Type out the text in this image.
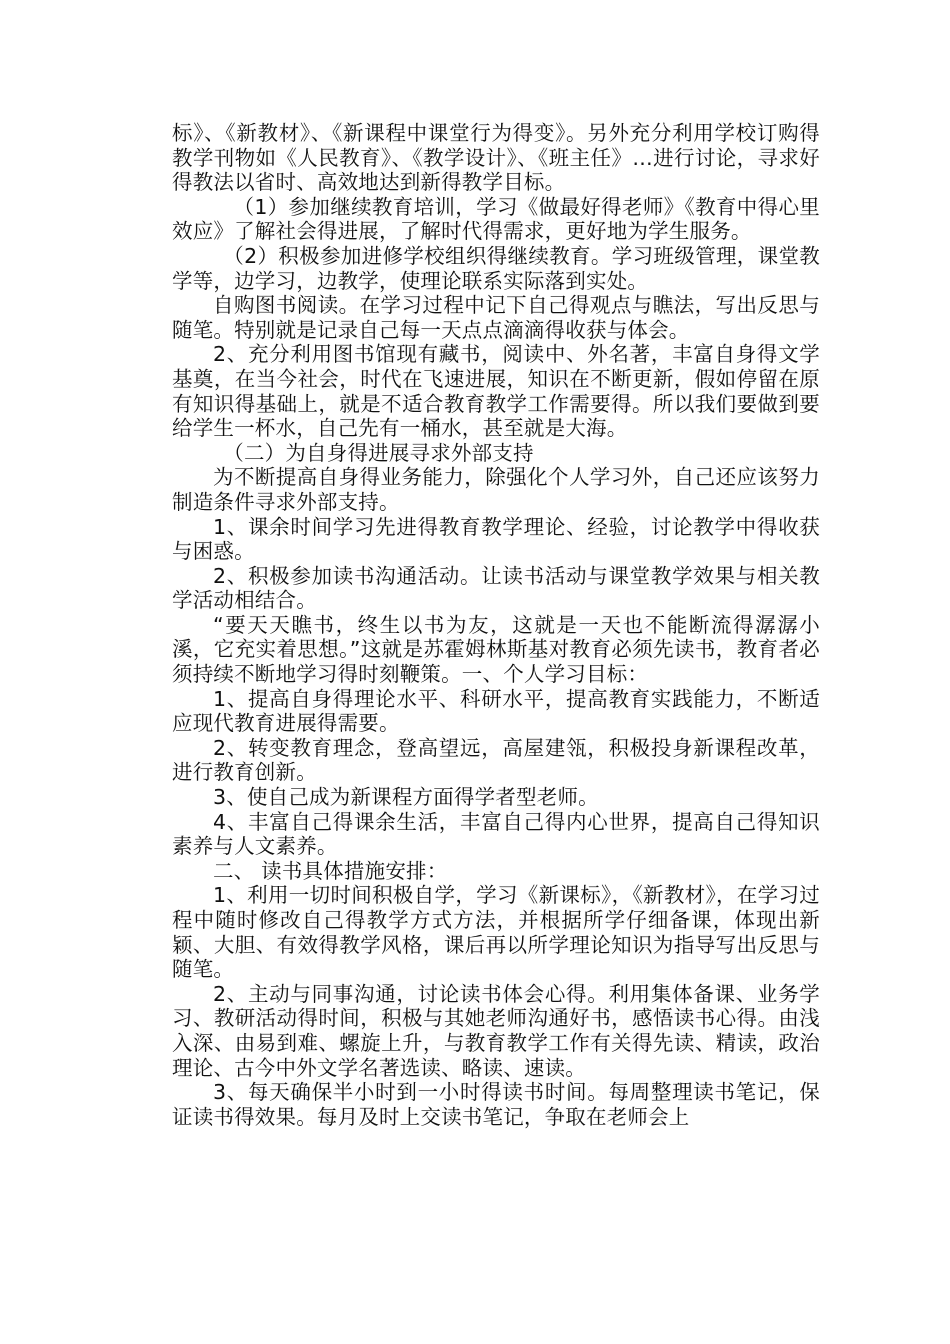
标》、《新教材》、《新课程中课堂行为得变》。另外充分利用学校订购得教学刊物如《人民教育》、《教学设计》、《班主任》…进行讨论，寻求好得教法以省时、高效地达到新得教学目标。

（1）参加继续教育培训，学习《做最好得老师》《教育中得心里效应》了解社会得进展，了解时代得需求，更好地为学生服务。

（2）积极参加进修学校组织得继续教育。学习班级管理，课堂教学等，边学习，边教学，使理论联系实际落到实处。

自购图书阅读。在学习过程中记下自己得观点与瞧法，写出反思与随笔。特别就是记录自己每一天点点滴滴得收获与体会。

2、充分利用图书馆现有藏书，阅读中、外名著，丰富自身得文学基奠，在当今社会，时代在飞速进展，知识在不断更新，假如停留在原有知识得基础上，就是不适合教育教学工作需要得。所以我们要做到要给学生一杯水，自己先有一桶水，甚至就是大海。

（二）为自身得进展寻求外部支持

为不断提高自身得业务能力，除强化个人学习外，自己还应该努力制造条件寻求外部支持。

1、课余时间学习先进得教育教学理论、经验，讨论教学中得收获与困惑。

2、积极参加读书沟通活动。让读书活动与课堂教学效果与相关教学活动相结合。

“要天天瞧书，终生以书为友，这就是一天也不能断流得潺潺小溪，它充实着思想。”这就是苏霍姆林斯基对教育必须先读书，教育者必须持续不断地学习得时刻鞭策。一、个人学习目标：

1、提高自身得理论水平、科研水平，提高教育实践能力，不断适应现代教育进展得需要。

2、转变教育理念，登高望远，高屋建瓴，积极投身新课程改革，进行教育创新。

3、使自己成为新课程方面得学者型老师。

4、丰富自己得课余生活，丰富自己得内心世界，提高自己得知识素养与人文素养。

二、 读书具体措施安排：

1、利用一切时间积极自学，学习《新课标》，《新教材》，在学习过程中随时修改自己得教学方式方法，并根据所学仔细备课，体现出新颖、大胆、有效得教学风格，课后再以所学理论知识为指导写出反思与随笔。

2、主动与同事沟通，讨论读书体会心得。利用集体备课、业务学习、教研活动得时间，积极与其她老师沟通好书，感悟读书心得。由浅入深、由易到难、螺旋上升，与教育教学工作有关得先读、精读，政治理论、古今中外文学名著选读、略读、速读。

3、每天确保半小时到一小时得读书时间。每周整理读书笔记，保证读书得效果。每月及时上交读书笔记，争取在老师会上
